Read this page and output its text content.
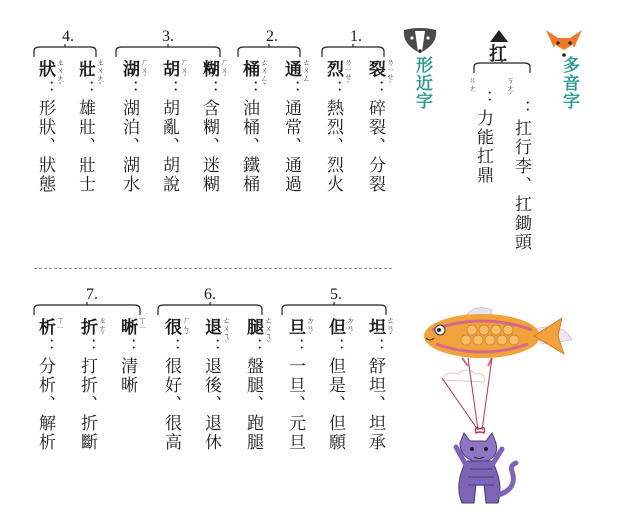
多音字
扛
ㄎㄤˊ
：扛行李、扛鋤頭
ㄍㄤ
：力能扛鼎
形近字
1.
裂 ㄌㄧㄝˋ
：碎裂、分裂
烈 ㄌㄧㄝˋ
：熱烈、烈火
2.
通 ㄊㄨㄥ
：通常、通過
桶 ㄊㄨㄥˇ
：油桶、鐵桶
3.
糊 ㄏㄨˊ
：含糊、迷糊
胡 ㄏㄨˊ
：胡亂、胡說
湖 ㄏㄨˊ
：湖泊、湖水
4.
壯 ㄓㄨㄤˋ
：雄壯、壯士
狀 ㄓㄨㄤˋ
：形狀、狀態
5.
坦 ㄊㄢˇ
：舒坦、坦承
但 ㄉㄢˋ
：但是、但願
旦 ㄉㄢˋ
：一旦、元旦
6.
腿 ㄊㄨㄟˇ
：盤腿、跑腿
退 ㄊㄨㄟˋ
：退後、退休
很 ㄏㄣˇ
：很好、很高
7.
晰 ㄒㄧ
：清晰
折 ㄓㄜˊ
：打折、折斷
析 ㄒㄧ
：分析、解析
